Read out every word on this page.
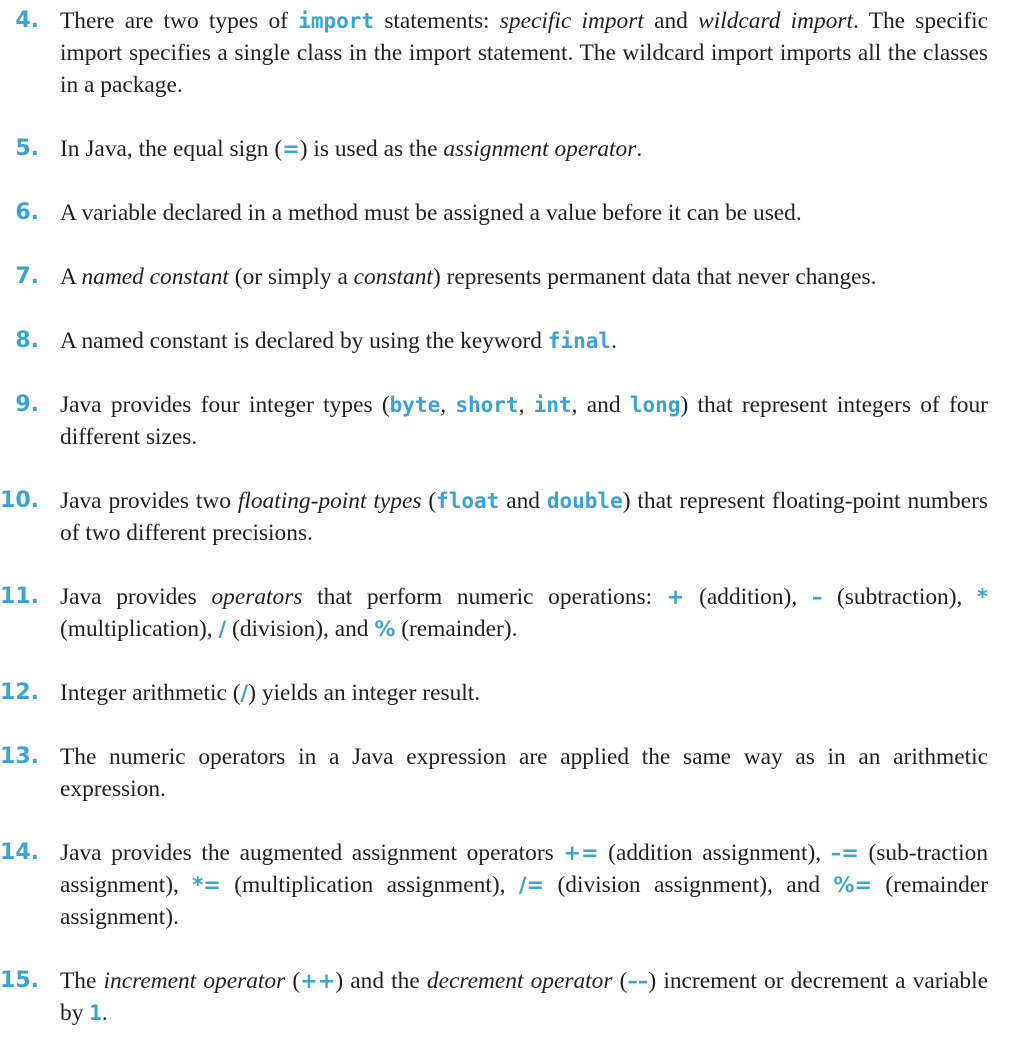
4. There are two types of import statements: specific import and wildcard import. The specific import specifies a single class in the import statement. The wildcard import imports all the classes in a package.
5. In Java, the equal sign (=) is used as the assignment operator.
6. A variable declared in a method must be assigned a value before it can be used.
7. A named constant (or simply a constant) represents permanent data that never changes.
8. A named constant is declared by using the keyword final.
9. Java provides four integer types (byte, short, int, and long) that represent integers of four different sizes.
10. Java provides two floating-point types (float and double) that represent floating-point numbers of two different precisions.
11. Java provides operators that perform numeric operations: + (addition), – (subtraction), * (multiplication), / (division), and % (remainder).
12. Integer arithmetic (/) yields an integer result.
13. The numeric operators in a Java expression are applied the same way as in an arithmetic expression.
14. Java provides the augmented assignment operators += (addition assignment), –= (sub-traction assignment), *= (multiplication assignment), /= (division assignment), and %= (remainder assignment).
15. The increment operator (++) and the decrement operator (––) increment or decrement a variable by 1.
